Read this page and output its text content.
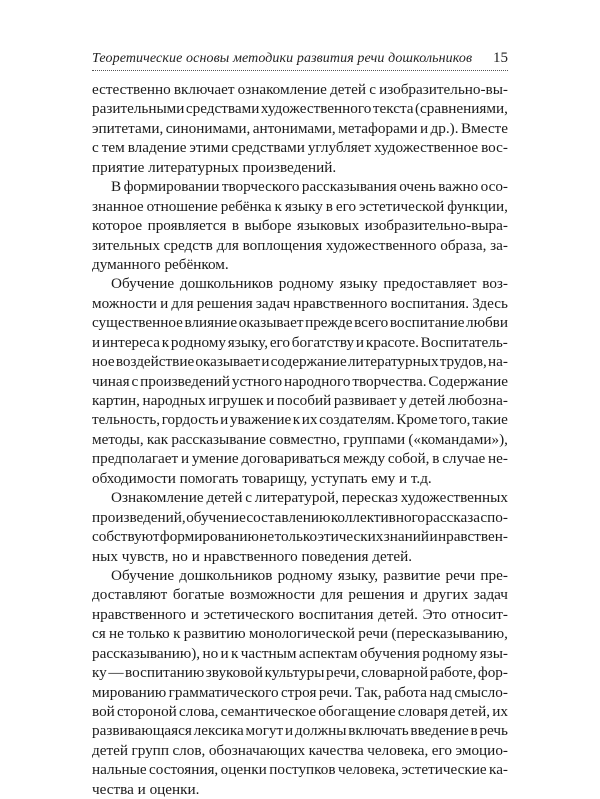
Теоретические основы методики развития речи дошкольников 15
естественно включает ознакомление детей с изобразительно-вы-
разительными средствами художественного текста (сравнениями,
эпитетами, синонимами, антонимами, метафорами и др.). Вместе
с тем владение этими средствами углубляет художественное вос-
приятие литературных произведений.
В формировании творческого рассказывания очень важно осо-
знанное отношение ребёнка к языку в его эстетической функции,
которое проявляется в выборе языковых изобразительно-выра-
зительных средств для воплощения художественного образа, за-
думанного ребёнком.
Обучение дошкольников родному языку предоставляет воз-
можности и для решения задач нравственного воспитания. Здесь
существенное влияние оказывает прежде всего воспитание любви
и интереса к родному языку, его богатству и красоте. Воспитатель-
ное воздействие оказывает и содержание литературных трудов, на-
чиная с произведений устного народного творчества. Содержание
картин, народных игрушек и пособий развивает у детей любозна-
тельность, гордость и уважение к их создателям. Кроме того, такие
методы, как рассказывание совместно, группами («командами»),
предполагает и умение договариваться между собой, в случае не-
обходимости помогать товарищу, уступать ему и т.д.
Ознакомление детей с литературой, пересказ художественных
произведений, обучение составлению коллективного рассказа спо-
собствуют формированию не только этических знаний и нравствен-
ных чувств, но и нравственного поведения детей.
Обучение дошкольников родному языку, развитие речи пре-
доставляют богатые возможности для решения и других задач
нравственного и эстетического воспитания детей. Это относит-
ся не только к развитию монологической речи (пересказыванию,
рассказыванию), но и к частным аспектам обучения родному язы-
ку — воспитанию звуковой культуры речи, словарной работе, фор-
мированию грамматического строя речи. Так, работа над смысло-
вой стороной слова, семантическое обогащение словаря детей, их
развивающаяся лексика могут и должны включать введение в речь
детей групп слов, обозначающих качества человека, его эмоцио-
нальные состояния, оценки поступков человека, эстетические ка-
чества и оценки.
